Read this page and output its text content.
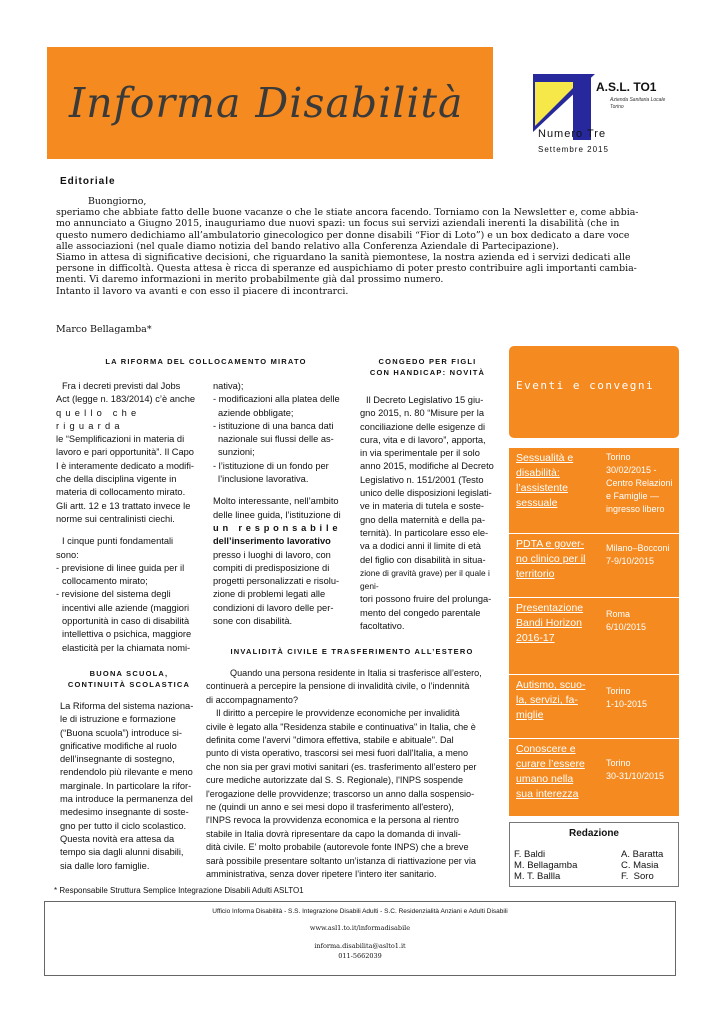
Informa Disabilità	A.S.L. TO1
Azienda Sanitaria Locale
Torino
Numero Tre
Settembre 2015
Editoriale

Buongiorno,

speriamo che abbiate fatto delle buone vacanze o che le stiate ancora facendo. Torniamo con la Newsletter e, come abbia-

mo annunciato a Giugno 2015, inauguriamo due nuovi spazi: un focus sui servizi aziendali inerenti la disabilità (che in

questo numero dedichiamo all’ambulatorio ginecologico per donne disabili “Fior di Loto”) e un box dedicato a dare voce

alle associazioni (nel quale diamo notizia del bando relativo alla Conferenza Aziendale di Partecipazione).

Siamo in attesa di significative decisioni, che riguardano la sanità piemontese, la nostra azienda ed i servizi dedicati alle

persone in difficoltà. Questa attesa è ricca di speranze ed auspichiamo di poter presto contribuire agli importanti cambia-

menti. Vi daremo informazioni in merito probabilmente già dal prossimo numero.

Intanto il lavoro va avanti e con esso il piacere di incontrarci.

Marco Bellagamba*
LA RIFORMA DEL COLLOCAMENTO MIRATO

Fra i decreti previsti dal Jobs

Act (legge n. 183/2014) c’è anche

quello che riguarda

le “Semplificazioni in materia di

lavoro e pari opportunità”. Il Capo

I è interamente dedicato a modifi-

che della disciplina vigente in

materia di collocamento mirato.

Gli artt. 12 e 13 trattato invece le

norme sui centralinisti ciechi.

I cinque punti fondamentali

sono:

- previsione di linee guida per il

collocamento mirato;

- revisione del sistema degli

incentivi alle aziende (maggiori

opportunità in caso di disabilità

intellettiva o psichica, maggiore

elasticità per la chiamata nomi-

nativa);

- modificazioni alla platea delle

aziende obbligate;

- istituzione di una banca dati

nazionale sui flussi delle as-

sunzioni;

- l’istituzione di un fondo per

l’inclusione lavorativa.

Molto interessante, nell’ambito

delle linee guida, l’istituzione di

un responsabile

dell’inserimento lavorativo

presso i luoghi di lavoro, con

compiti di predisposizione di

progetti personalizzati e risolu-

zione di problemi legati alle

condizioni di lavoro delle per-

sone con disabilità.

CONGEDO PER FIGLI
CON HANDICAP: NOVITÀ

Il Decreto Legislativo 15 giu-

gno 2015, n. 80 “Misure per la

conciliazione delle esigenze di

cura, vita e di lavoro”, apporta,

in via sperimentale per il solo

anno 2015, modifiche al Decreto

Legislativo n. 151/2001 (Testo

unico delle disposizioni legislati-

ve in materia di tutela e soste-

gno della maternità e della pa-

ternità). In particolare esso ele-

va a dodici anni il limite di età

del figlio con disabilità in situa-

zione di gravità grave) per il quale i geni-

tori possono fruire del prolunga-

mento del congedo parentale

facoltativo.

INVALIDITÀ CIVILE E TRASFERIMENTO ALL’ESTERO

Quando una persona residente in Italia si trasferisce all’estero,

continuerà a percepire la pensione di invalidità civile, o l’indennità

di accompagnamento?

Il diritto a percepire le provvidenze economiche per invalidità

civile è legato alla "Residenza stabile e continuativa" in Italia, che è

definita come l'avervi "dimora effettiva, stabile e abituale". Dal

punto di vista operativo, trascorsi sei mesi fuori dall'Italia, a meno

che non sia per gravi motivi sanitari (es. trasferimento all’estero per

cure mediche autorizzate dal S. S. Regionale), l'INPS sospende

l'erogazione delle provvidenze; trascorso un anno dalla sospensio-

ne (quindi un anno e sei mesi dopo il trasferimento all'estero),

l'INPS revoca la provvidenza economica e la persona al rientro

stabile in Italia dovrà ripresentare da capo la domanda di invali-

dità civile. E’ molto probabile (autorevole fonte INPS) che a breve

sarà possibile presentare soltanto un’istanza di riattivazione per via

amministrativa, senza dover ripetere l’intero iter sanitario.

BUONA SCUOLA,
CONTINUITÀ SCOLASTICA

La Riforma del sistema naziona-

le di istruzione e formazione

(“Buona scuola”) introduce si-

gnificative modifiche al ruolo

dell’insegnante di sostegno,

rendendolo più rilevante e meno

marginale. In particolare la rifor-

ma introduce la permanenza del

medesimo insegnante di soste-

gno per tutto il ciclo scolastico.

Questa novità era attesa da

tempo sia dagli alunni disabili,

sia dalle loro famiglie.

Eventi e convegni
Sessualità e
disabilità:
l’assistente
sessuale
Torino
30/02/2015 -
Centro Relazioni
e Famiglie —
ingresso libero
PDTA e gover-
no clinico per il
territorio
Milano–Bocconi
7-9/10/2015
Presentazione
Bandi Horizon
2016-17
Roma
6/10/2015
Autismo, scuo-
la, servizi, fa-
miglie
Torino
1-10-2015
Conoscere e
curare l’essere
umano nella
sua interezza
Torino
30-31/10/2015
Redazione
F. Baldi
M. Bellagamba
M. T. Ballla
A. Baratta
C. Masia
F.  Soro
* Responsabile Struttura Semplice Integrazione Disabili Adulti ASLTO1
Ufficio Informa Disabilità - S.S. Integrazione Disabili Adulti - S.C. Residenzialità Anziani e Adulti Disabili
www.asl1.to.it/informadisabile
informa.disabilita@aslto1.it
011-5662039
